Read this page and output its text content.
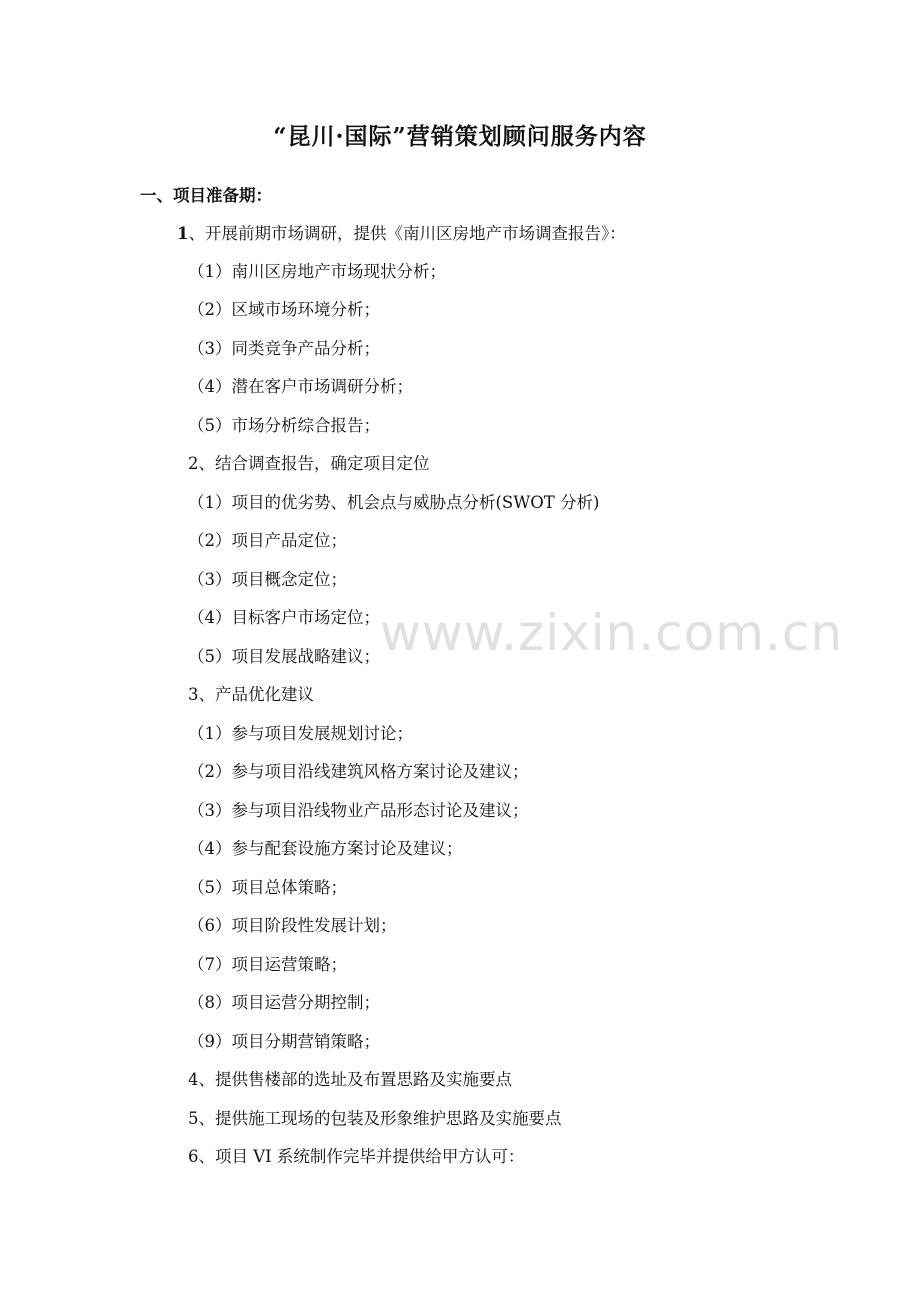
“昆川·国际”营销策划顾问服务内容
一、项目准备期：
1、开展前期市场调研，提供《南川区房地产市场调查报告》：
（1）南川区房地产市场现状分析；
（2）区域市场环境分析；
（3）同类竞争产品分析；
（4）潜在客户市场调研分析；
（5）市场分析综合报告；
2、结合调查报告，确定项目定位
（1）项目的优劣势、机会点与威胁点分析(SWOT 分析)
（2）项目产品定位；
（3）项目概念定位；
（4）目标客户市场定位；
（5）项目发展战略建议；
3、产品优化建议
（1）参与项目发展规划讨论；
（2）参与项目沿线建筑风格方案讨论及建议；
（3）参与项目沿线物业产品形态讨论及建议；
（4）参与配套设施方案讨论及建议；
（5）项目总体策略；
（6）项目阶段性发展计划；
（7）项目运营策略；
（8）项目运营分期控制；
（9）项目分期营销策略；
4、提供售楼部的选址及布置思路及实施要点
5、提供施工现场的包装及形象维护思路及实施要点
6、项目 VI 系统制作完毕并提供给甲方认可：
www.zixin.com.cn
